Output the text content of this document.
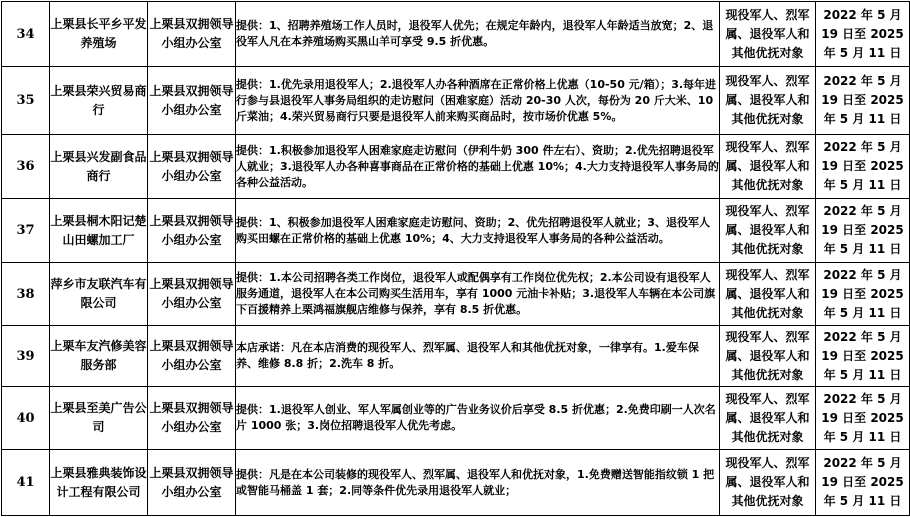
34	上栗县长平乡平发养殖场	上栗县双拥领导小组办公室	提供：1、招聘养殖场工作人员时，退役军人优先；在规定年龄内，退役军人年龄适当放宽；2、退役军人凡在本养殖场购买黑山羊可享受 9.5 折优惠。	现役军人、烈军属、退役军人和其他优抚对象	2022 年 5 月
19 日至 2025
年 5 月 11 日

35	上栗县荣兴贸易商行	上栗县双拥领导小组办公室	提供：1.优先录用退役军人；2.退役军人办各种酒席在正常价格上优惠（10-50 元/箱）；3.每年进行参与县退役军人事务局组织的走访慰问（困难家庭）活动 20-30 人次，每份为 20 斤大米、10 斤菜油；4.荣兴贸易商行只要是退役军人前来购买商品时，按市场价优惠 5%。	现役军人、烈军属、退役军人和其他优抚对象	2022 年 5 月
19 日至 2025
年 5 月 11 日

36	上栗县兴发副食品商行	上栗县双拥领导小组办公室	提供：1.积极参加退役军人困难家庭走访慰问（伊利牛奶 300 件左右）、资助；2.优先招聘退役军人就业；3.退役军人办各种喜事商品在正常价格的基础上优惠 10%；4.大力支持退役军人事务局的各种公益活动。	现役军人、烈军属、退役军人和其他优抚对象	2022 年 5 月
19 日至 2025
年 5 月 11 日

37	上栗县桐木阳记楚山田螺加工厂	上栗县双拥领导小组办公室	提供：1、积极参加退役军人困难家庭走访慰问、资助；2、优先招聘退役军人就业；3、退役军人购买田螺在正常价格的基础上优惠 10%；4、大力支持退役军人事务局的各种公益活动。	现役军人、烈军属、退役军人和其他优抚对象	2022 年 5 月
19 日至 2025
年 5 月 11 日

38	萍乡市友联汽车有限公司	上栗县双拥领导小组办公室	提供：1.本公司招聘各类工作岗位，退役军人或配偶享有工作岗位优先权；2.本公司设有退役军人服务通道，退役军人在本公司购买生活用车，享有 1000 元油卡补贴；3.退役军人车辆在本公司旗下百援精养上栗鸿福旗舰店维修与保养，享有 8.5 折优惠。	现役军人、烈军属、退役军人和其他优抚对象	2022 年 5 月
19 日至 2025
年 5 月 11 日

39	上栗车友汽修美容服务部	上栗县双拥领导小组办公室	本店承诺：凡在本店消费的现役军人、烈军属、退役军人和其他优抚对象，一律享有。1.爱车保养、维修 8.8 折；2.洗车 8 折。	现役军人、烈军属、退役军人和其他优抚对象	2022 年 5 月
19 日至 2025
年 5 月 11 日

40	上栗县至美广告公司	上栗县双拥领导小组办公室	提供：1.退役军人创业、军人军属创业等的广告业务议价后享受 8.5 折优惠；2.免费印刷一人次名片 1000 张；3.岗位招聘退役军人优先考虑。	现役军人、烈军属、退役军人和其他优抚对象	2022 年 5 月
19 日至 2025
年 5 月 11 日

41	上栗县雅典装饰设计工程有限公司	上栗县双拥领导小组办公室	提供：凡是在本公司装修的现役军人、烈军属、退役军人和优抚对象，1.免费赠送智能指纹锁 1 把或智能马桶盖 1 套；2.同等条件优先录用退役军人就业；	现役军人、烈军属、退役军人和其他优抚对象	2022 年 5 月
19 日至 2025
年 5 月 11 日
